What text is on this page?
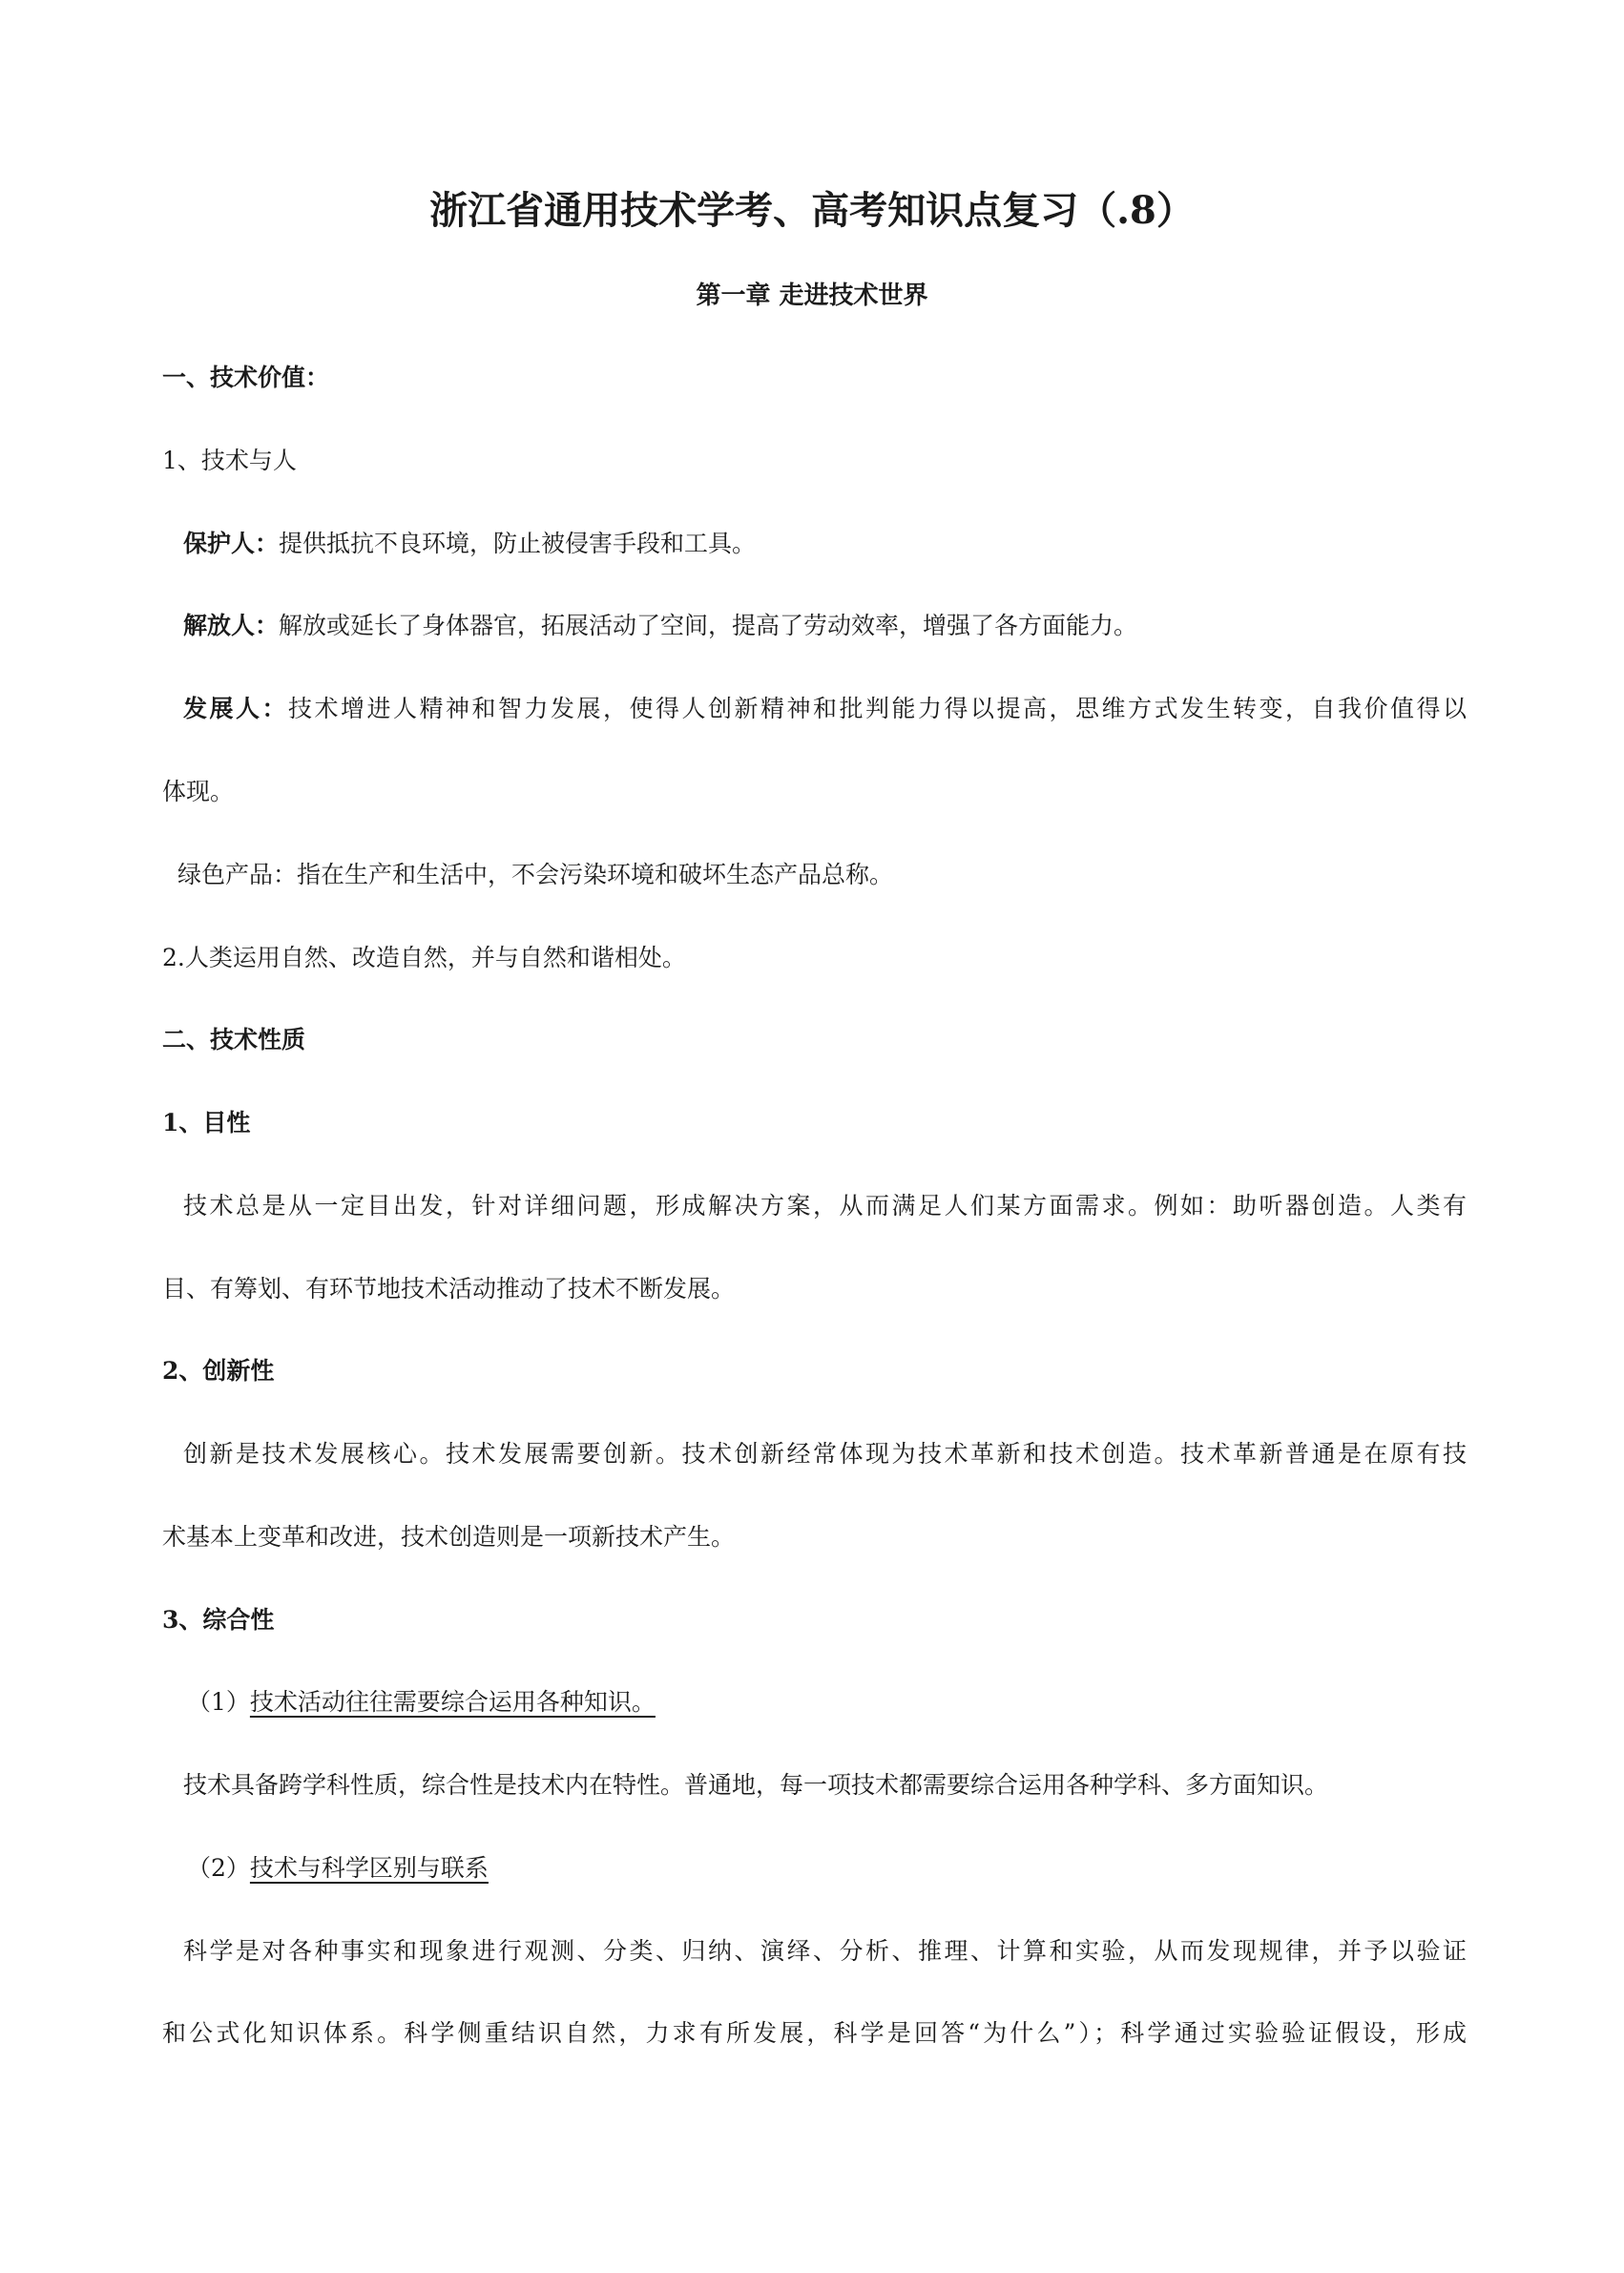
浙江省通用技术学考、高考知识点复习（.8）
第一章 走进技术世界
一、技术价值：
1、技术与人
保护人：提供抵抗不良环境，防止被侵害手段和工具。
解放人：解放或延长了身体器官，拓展活动了空间，提高了劳动效率，增强了各方面能力。
发展人：技术增进人精神和智力发展，使得人创新精神和批判能力得以提高，思维方式发生转变，自我价值得以
体现。
绿色产品：指在生产和生活中，不会污染环境和破坏生态产品总称。
2.人类运用自然、改造自然，并与自然和谐相处。
二、技术性质
1、目性
技术总是从一定目出发，针对详细问题，形成解决方案，从而满足人们某方面需求。例如：助听器创造。人类有
目、有筹划、有环节地技术活动推动了技术不断发展。
2、创新性
创新是技术发展核心。技术发展需要创新。技术创新经常体现为技术革新和技术创造。技术革新普通是在原有技
术基本上变革和改进，技术创造则是一项新技术产生。
3、综合性
（1）技术活动往往需要综合运用各种知识。
技术具备跨学科性质，综合性是技术内在特性。普通地，每一项技术都需要综合运用各种学科、多方面知识。
（2）技术与科学区别与联系
科学是对各种事实和现象进行观测、分类、归纳、演绎、分析、推理、计算和实验，从而发现规律，并予以验证
和公式化知识体系。科学侧重结识自然，力求有所发展，科学是回答“为什么”）；科学通过实验验证假设，形成
